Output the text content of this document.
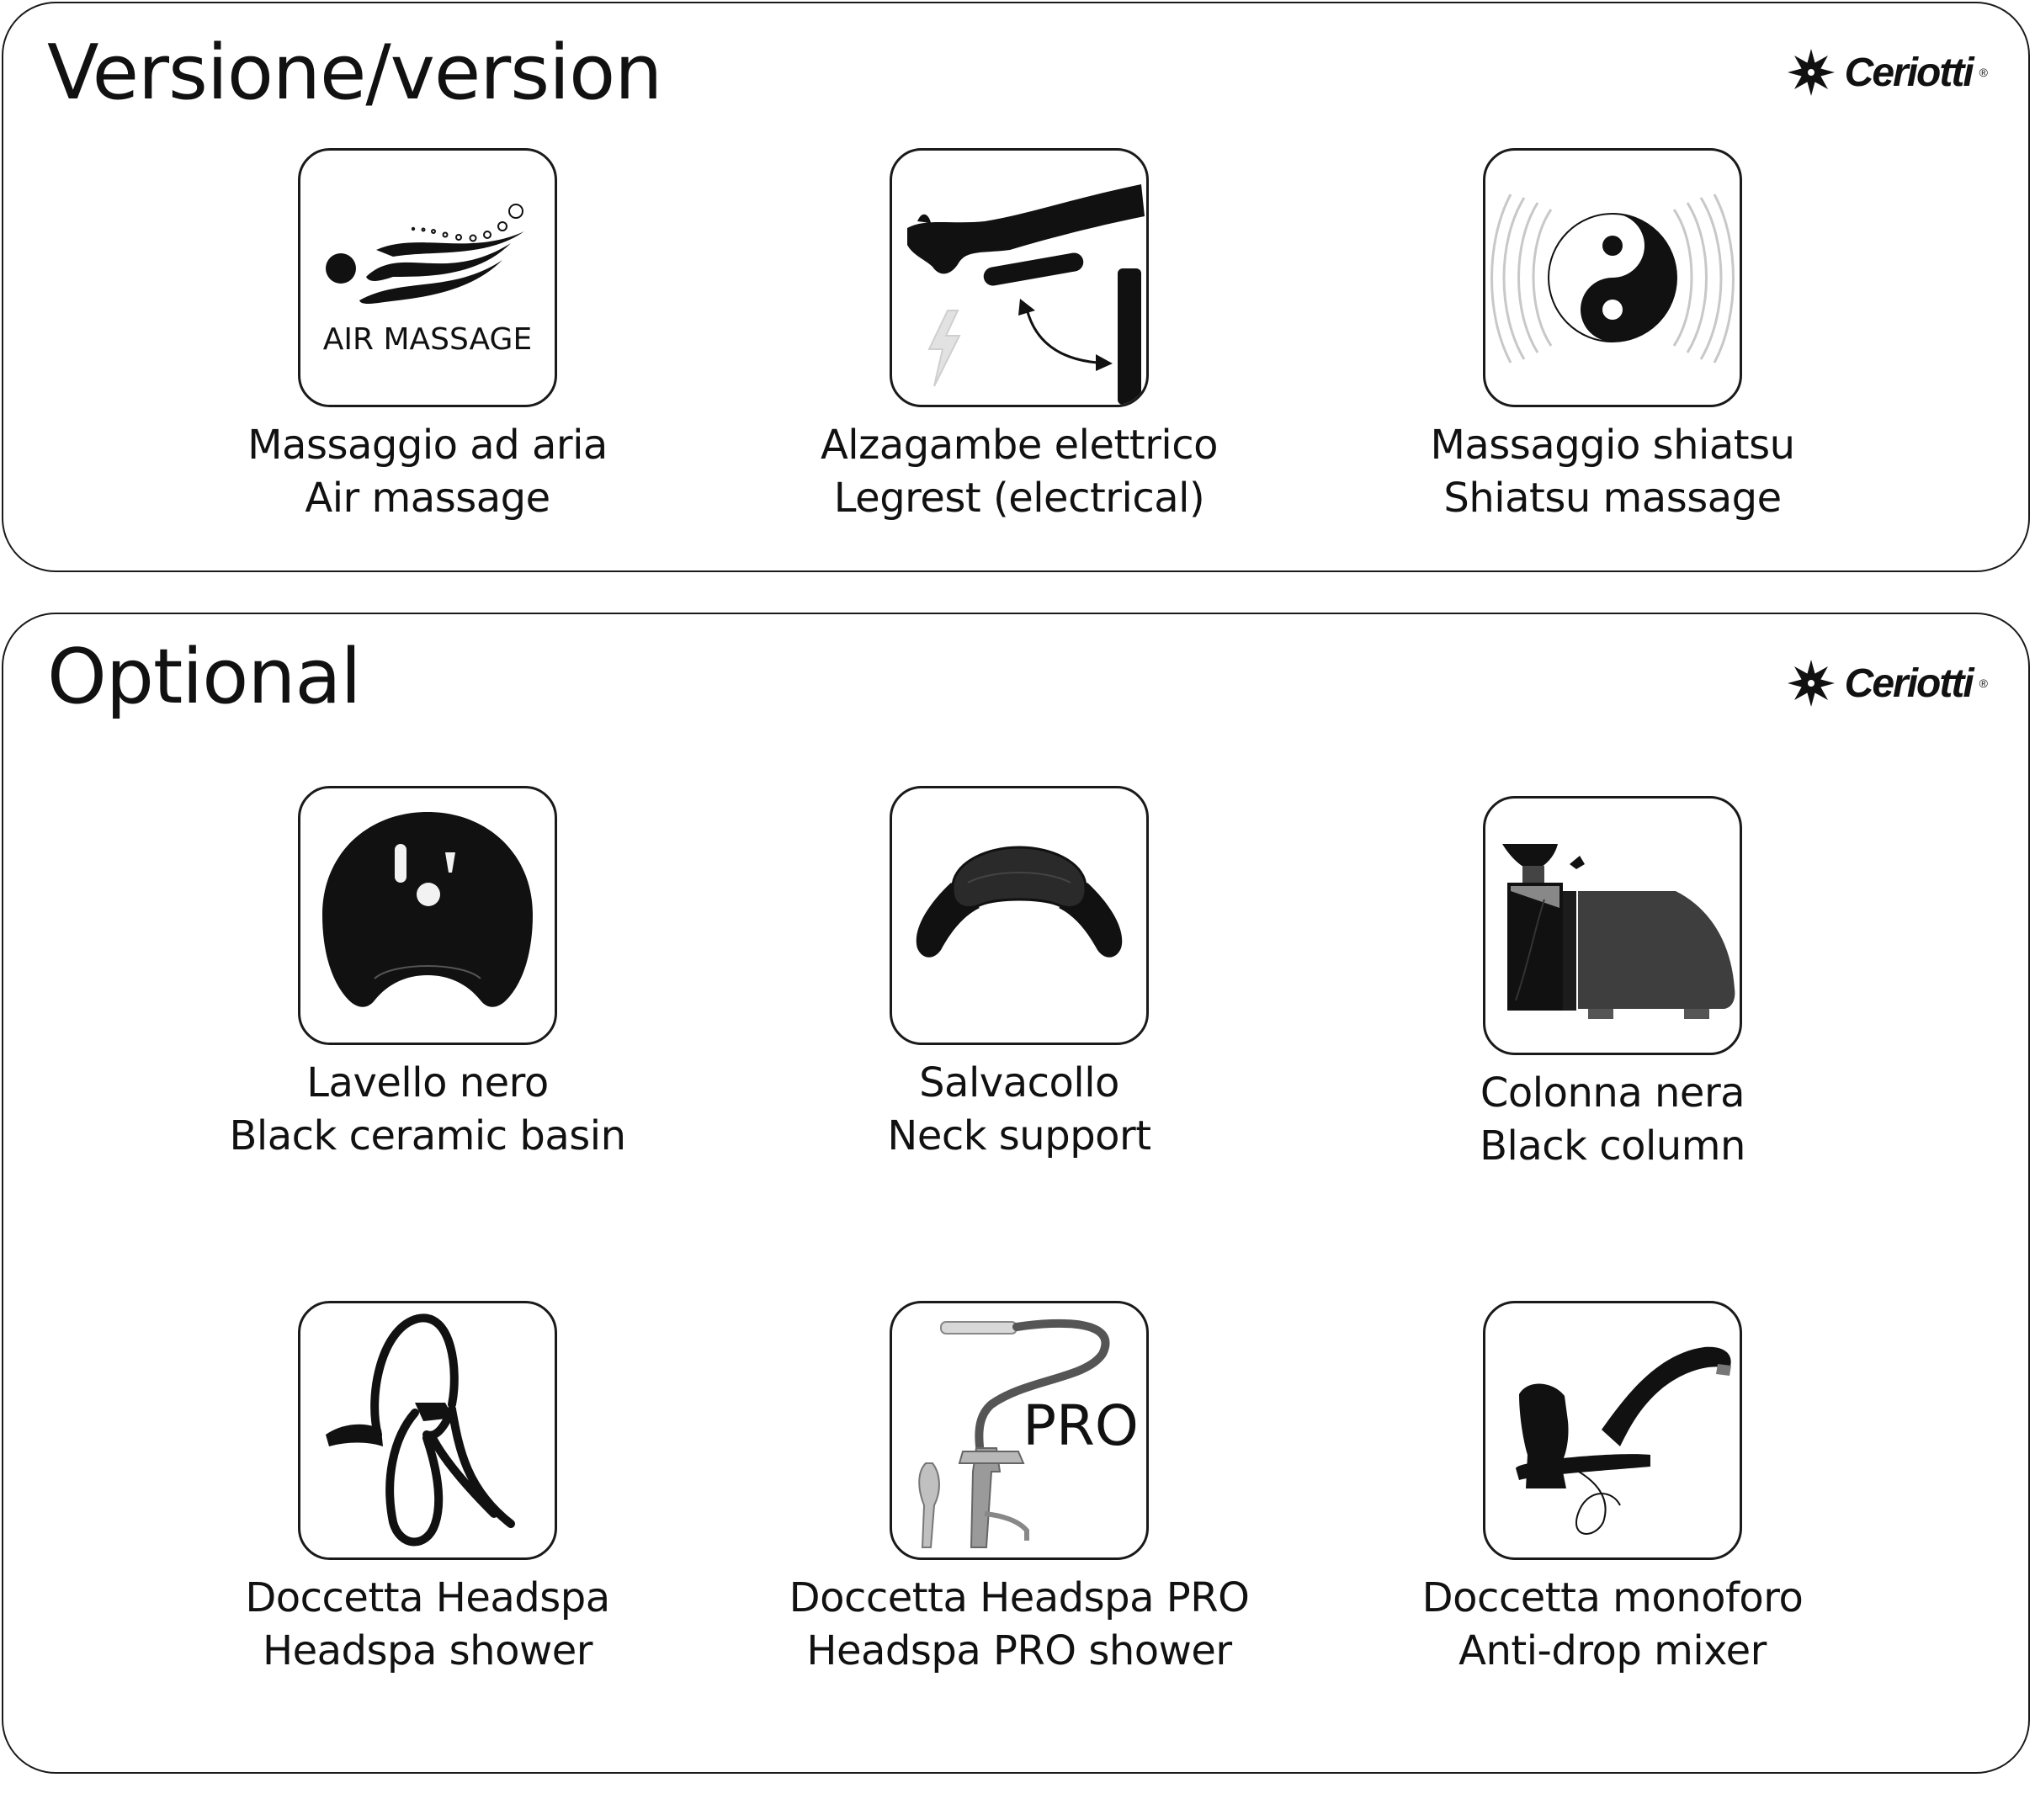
Versione/version	Ceriotti ®
AIR MASSAGE
Massaggio ad aria
Air massage
Alzagambe elettrico
Legrest (electrical)
Massaggio shiatsu
Shiatsu massage
Optional	Ceriotti ®
Lavello nero
Black ceramic basin
Salvacollo
Neck support
Colonna nera
Black column
Doccetta Headspa
Headspa shower
PRO
Doccetta Headspa PRO
Headspa PRO shower
Doccetta monoforo
Anti-drop mixer
